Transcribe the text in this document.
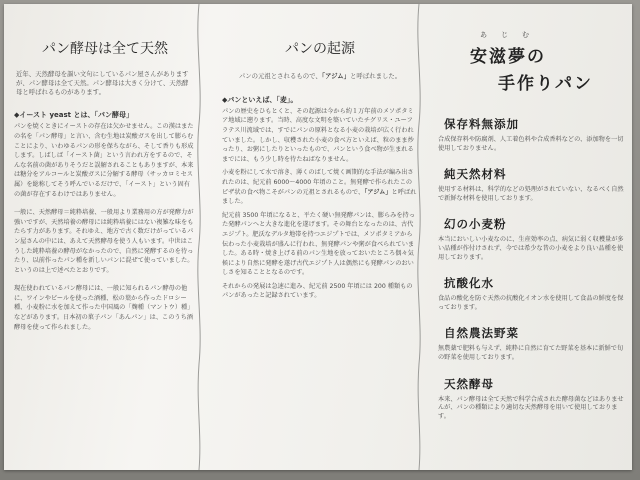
パン酵母は全て天然
近年、天然酵母を謳い文句にしているパン屋さんがありますが、パン酵母は全て天然。パン酵母は大きく分けて、天然酵母と呼ばれるものがあります。
◆イースト yeast とは、「パン酵母」
パンを焼くときにイーストの存在は欠かせません。この漢はまたの名を「パン酵母」と言い、含む生地は炭酸ガスを出して膨らむことにより、いわゆるパンの形を保ちながら、そして香りも形成します。しばしば「イースト菌」という言われ方をするので、そんな名前の菌がありそうだと誤解されることもありますが、本来は糖分をアルコールと炭酸ガスに分解する酵母（サッカロミセス属）を総称してそう呼んでいるだけで、「イースト」という固有の菌が存在するわけではありません。
一般に、天然酵母＝純粋培養、一般用より業務用の方が発酵力が強いですが、天然培養の酵母には純粋培養にはない複雑な味をもたらす力があります。それゆえ、地方で古く数だけがっているパン屋さんの中には、あえて天然酵母を使う人もいます。中世はこうした純粋培養の酵母がなかったので、自然に発酵するのを待ったり、以前作ったパン種を新しいパンに混ぜて使っていました。というのは上で述べたとおりです。
現在使われているパン酵母には、一般に知られるパン酵母の他に、ワインやビールを使った酒種、松の葉から作ったドロシー種、小麦粉に水を加えて作った中国風の「麹種（マントウ）種」などがあります。日本初の菓子パン「あんパン」は、このうち酒酵母を使って作られました。
パンの起源
パンの元祖とされるもので、「アジム」と呼ばれました。
◆パンといえば、「麦」。
パンの歴史をひもとくと、その起源は今から約１万年前のメソポタミア地域に遡ります。当時、高度な文明を築いていたチグリス・ユーフラテス川流域では、すでにパンの原料となる小麦の栽培が広く行われていました。しかし、収穫された小麦の食べ方といえば、粒のまま炒ったり、お粥にしたりといったもので、パンという食べ物が生まれるまでには、もう少し時を待たねばなりません。
小麦を粉にして水で溶き、薄くのばして焼く画期的な手法が編み出されたのは、紀元前 6000～4000 年頃のこと。無発酵で作られたこのピザ状の食べ物こそがパンの元祖とされるもので、「アジム」と呼ばれました。
紀元前 3500 年頃になると、平たく硬い無発酵パンは、膨らみを持った発酵パンへと大きな進化を遂げます。その舞台となったのは、古代エジプト。肥沃なデルタ地帯を持つエジプトでは、メソポタミアから伝わった小麦栽培が盛んに行われ、無発酵パンや粥が食べられていました。ある時・焼き上げる前のパン生地を放っておいたところ偶々気候により自然に発酵を遂げ古代エジプト人は偶然にも発酵パンのおいしさを知ることとなるのです。
それからの発展は急速に進み、紀元前 2500 年頃には 200 種類ものパンがあったと記録されています。
あじむ
安滋夢の
手作りパン
保存料無添加
合成保存料や防腐剤、人工着色料や合成香料などの、添加物を一切使用しておりません。
純天然材料
使用する材料は、科学的などの処理がされていない、なるべく自然で新鮮な材料を使用しております。
幻の小麦粉
本当においしい小麦なのに、生産効率の点、病気に弱く収穫量が多い品種が作付けされず、今では希少な昔の小麦をより良い品種を使用しております。
抗酸化水
食品の酸化を防ぐ天然の抗酸化イオン水を使用して食品の鮮度を保っております。
自然農法野菜
無農薬で肥料も与えず、純粋に自然に育てた野菜を基本に新鮮で旬の野菜を使用しております。
天然酵母
本来、パン酵母は全て天然で科学合成された酵母菌などはありませんが、パンの種類により適切な天然酵母を用いて使用しております。
